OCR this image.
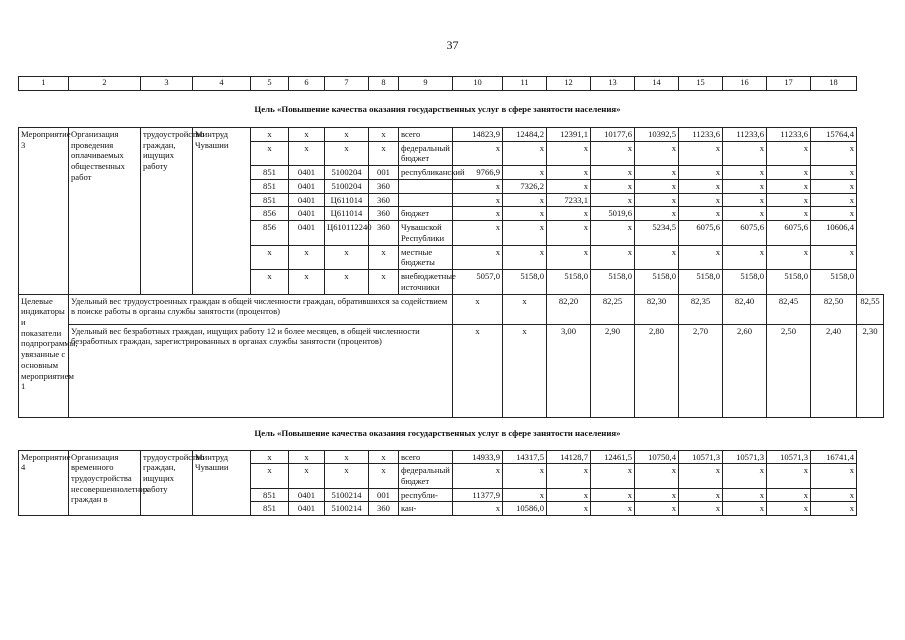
37
1	2	3	4	5	6	7	8	9	10	11	12	13	14	15	16	17	18	
Цель «Повышение качества оказания государственных услуг в сфере занятости населения»																		
Мероприятие 3	Организация проведения оплачиваемых общественных работ	трудоустройство граждан, ищущих работу	Минтруд Чувашии	x	x	x	x	всего	14823,9	12484,2	12391,1	10177,6	10392,5	11233,6	11233,6	11233,6	15764,4	
				x	x	x	x	федеральный бюджет	x	x	x	x	x	x	x	x	x	
				851	0401	5100204	001	республиканский	9766,9	x	x	x	x	x	x	x	x	
				851	0401	5100204	360		x	7326,2	x	x	x	x	x	x	x	
				851	0401	Ц611014	360		x	x	7233,1	x	x	x	x	x	x	
				856	0401	Ц611014	360	бюджет	x	x	x	5019,6	x	x	x	x	x	
				856	0401	Ц610112240	360	Чувашской Республики	x	x	x	x	5234,5	6075,6	6075,6	6075,6	10606,4	
				x	x	x	x	местные бюджеты	x	x	x	x	x	x	x	x	x	
				x	x	x	x	внебюджетные источники	5057,0	5158,0	5158,0	5158,0	5158,0	5158,0	5158,0	5158,0	5158,0	
Целевые индикаторы и показатели подпрограммы, увязанные с основным мероприятием 1	Удельный вес трудоустроенных граждан в общей численности граждан, обратившихся за содействием в поиске работы в органы службы занятости (процентов)								x	x	82,20	82,25	82,30	82,35	82,40	82,45	82,50	82,55
	Удельный вес безработных граждан, ищущих работу 12 и более месяцев, в общей численности безработных граждан, зарегистрированных в органах службы занятости (процентов)								x	x	3,00	2,90	2,80	2,70	2,60	2,50	2,40	2,30
Цель «Повышение качества оказания государственных услуг в сфере занятости населения»																		
Мероприятие 4	Организация временного трудоустройства несовершеннолетних граждан в	трудоустройство граждан, ищущих работу	Минтруд Чувашии	x	x	x	x	всего	14933,9	14317,5	14128,7	12461,5	10750,4	10571,3	10571,3	10571,3	16741,4	
				x	x	x	x	федеральный бюджет	x	x	x	x	x	x	x	x	x	
				851	0401	5100214	001	республи-	11377,9	x	x	x	x	x	x	x	x	
				851	0401	5100214	360	кан-	x	10586,0	x	x	x	x	x	x	x	
